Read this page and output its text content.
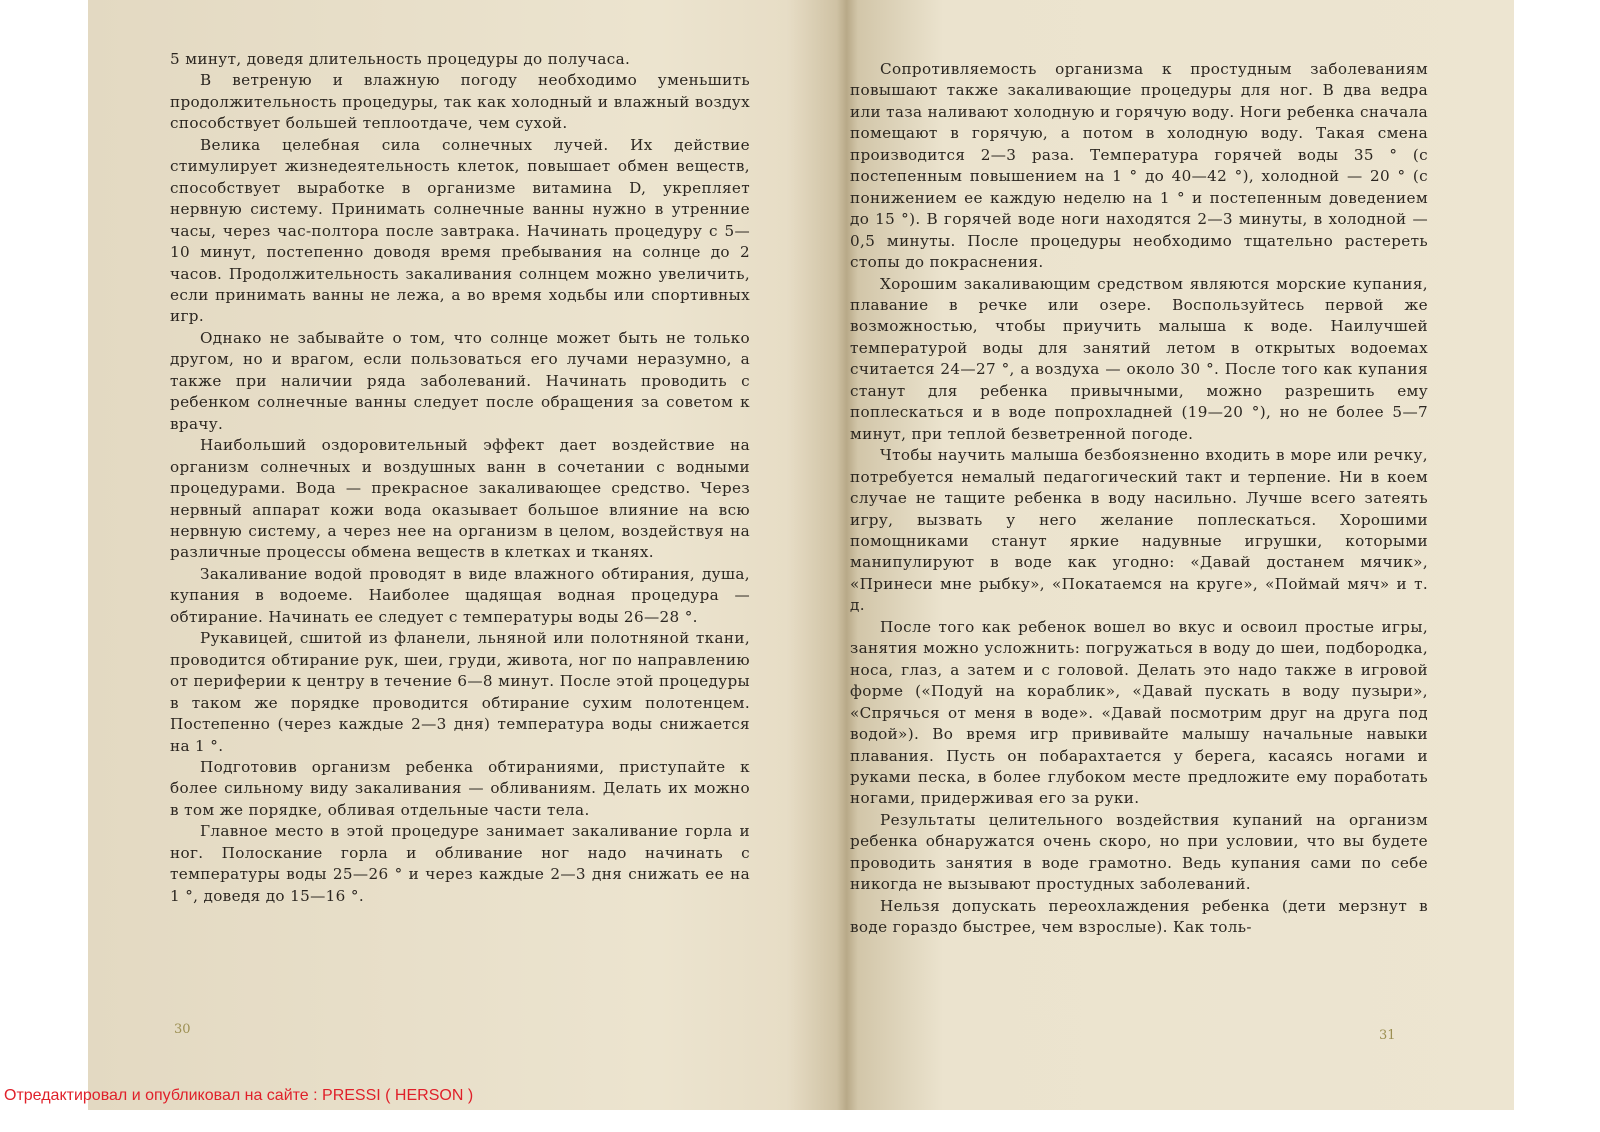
5 минут, доведя длительность процедуры до получаса.

В ветреную и влажную погоду необходимо уменьшить продолжительность процедуры, так как холодный и влажный воздух способствует большей теплоотдаче, чем сухой.

Велика целебная сила солнечных лучей. Их действие стимулирует жизнедеятельность клеток, повышает обмен веществ, способствует выработке в организме витамина D, укрепляет нервную систему. Принимать солнечные ванны нужно в утренние часы, через час-полтора после завтрака. Начинать процедуру с 5—10 минут, постепенно доводя время пребывания на солнце до 2 часов. Продолжительность закаливания солнцем можно увеличить, если принимать ванны не лежа, а во время ходьбы или спортивных игр.

Однако не забывайте о том, что солнце может быть не только другом, но и врагом, если пользоваться его лучами неразумно, а также при наличии ряда заболеваний. Начинать проводить с ребенком солнечные ванны следует после обращения за советом к врачу.

Наибольший оздоровительный эффект дает воздействие на организм солнечных и воздушных ванн в сочетании с водными процедурами. Вода — прекрасное закаливающее средство. Через нервный аппарат кожи вода оказывает большое влияние на всю нервную систему, а через нее на организм в целом, воздействуя на различные процессы обмена веществ в клетках и тканях.

Закаливание водой проводят в виде влажного обтирания, душа, купания в водоеме. Наиболее щадящая водная процедура — обтирание. Начинать ее следует с температуры воды 26—28 °.

Рукавицей, сшитой из фланели, льняной или полотняной ткани, проводится обтирание рук, шеи, груди, живота, ног по направлению от периферии к центру в течение 6—8 минут. После этой процедуры в таком же порядке проводится обтирание сухим полотенцем. Постепенно (через каждые 2—3 дня) температура воды снижается на 1 °.

Подготовив организм ребенка обтираниями, приступайте к более сильному виду закаливания — обливаниям. Делать их можно в том же порядке, обливая отдельные части тела.

Главное место в этой процедуре занимает закаливание горла и ног. Полоскание горла и обливание ног надо начинать с температуры воды 25—26 ° и через каждые 2—3 дня снижать ее на 1 °, доведя до 15—16 °.

30

Сопротивляемость организма к простудным заболеваниям повышают также закаливающие процедуры для ног. В два ведра или таза наливают холодную и горячую воду. Ноги ребенка сначала помещают в горячую, а потом в холодную воду. Такая смена производится 2—3 раза. Температура горячей воды 35 ° (с постепенным повышением на 1 ° до 40—42 °), холодной — 20 ° (с понижением ее каждую неделю на 1 ° и постепенным доведением до 15 °). В горячей воде ноги находятся 2—3 минуты, в холодной — 0,5 минуты. После процедуры необходимо тщательно растереть стопы до покраснения.

Хорошим закаливающим средством являются морские купания, плавание в речке или озере. Воспользуйтесь первой же возможностью, чтобы приучить малыша к воде. Наилучшей температурой воды для занятий летом в открытых водоемах считается 24—27 °, а воздуха — около 30 °. После того как купания станут для ребенка привычными, можно разрешить ему поплескаться и в воде попрохладней (19—20 °), но не более 5—7 минут, при теплой безветренной погоде.

Чтобы научить малыша безбоязненно входить в море или речку, потребуется немалый педагогический такт и терпение. Ни в коем случае не тащите ребенка в воду насильно. Лучше всего затеять игру, вызвать у него желание поплескаться. Хорошими помощниками станут яркие надувные игрушки, которыми манипулируют в воде как угодно: «Давай достанем мячик», «Принеси мне рыбку», «Покатаемся на круге», «Поймай мяч» и т. д.

После того как ребенок вошел во вкус и освоил простые игры, занятия можно усложнить: погружаться в воду до шеи, подбородка, носа, глаз, а затем и с головой. Делать это надо также в игровой форме («Подуй на кораблик», «Давай пускать в воду пузыри», «Спрячься от меня в воде». «Давай посмотрим друг на друга под водой»). Во время игр прививайте малышу начальные навыки плавания. Пусть он побарахтается у берега, касаясь ногами и руками песка, в более глубоком месте предложите ему поработать ногами, придерживая его за руки.

Результаты целительного воздействия купаний на организм ребенка обнаружатся очень скоро, но при условии, что вы будете проводить занятия в воде грамотно. Ведь купания сами по себе никогда не вызывают простудных заболеваний.

Нельзя допускать переохлаждения ребенка (дети мерзнут в воде гораздо быстрее, чем взрослые). Как толь-

31
Отредактировал и опубликовал на сайте : PRESSI ( HERSON )
